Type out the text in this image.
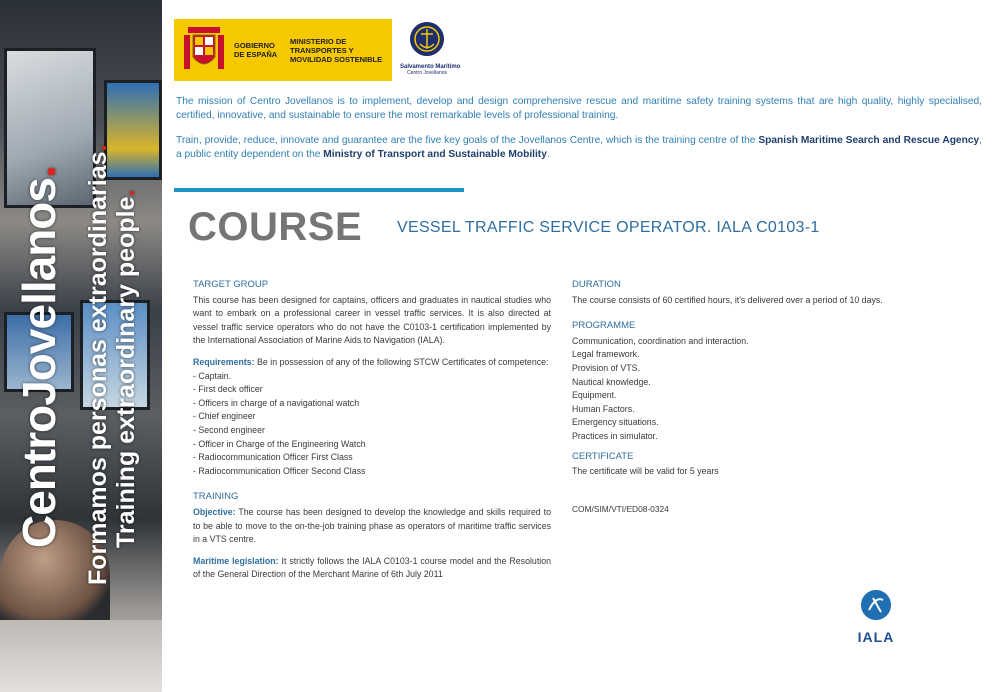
CentroJovellanos. Formamos personas extraordinarias.
Training extraordinary people.
GOBIERNO DE ESPAÑA
MINISTERIO DE TRANSPORTES Y MOVILIDAD SOSTENIBLE
Salvamento Marítimo
Centro Jovellanos

The mission of Centro Jovellanos is to implement, develop and design comprehensive rescue and maritime safety training systems that are high quality, highly specialised, certified, innovative, and sustainable to ensure the most remarkable levels of professional training.

Train, provide, reduce, innovate and guarantee are the five key goals of the Jovellanos Centre, which is the training centre of the Spanish Maritime Search and Rescue Agency, a public entity dependent on the Ministry of Transport and Sustainable Mobility.

COURSE VESSEL TRAFFIC SERVICE OPERATOR. IALA C0103-1
TARGET GROUP
This course has been designed for captains, officers and graduates in nautical studies who want to embark on a professional career in vessel traffic services. It is also directed at vessel traffic service operators who do not have the C0103-1 certification implemented by the International Association of Marine Aids to Navigation (IALA).
Requirements: Be in possession of any of the following STCW Certificates of competence:
- Captain.
- First deck officer
- Officers in charge of a navigational watch
- Chief engineer
- Second engineer
- Officer in Charge of the Engineering Watch
- Radiocommunication Officer First Class
- Radiocommunication Officer Second Class
TRAINING
Objective: The course has been designed to develop the knowledge and skills required to to be able to move to the on-the-job training phase as operators of maritime traffic services in a VTS centre.
Maritime legislation: It strictly follows the IALA C0103-1 course model and the Resolution of the General Direction of the Merchant Marine of 6th July 2011
DURATION
The course consists of 60 certified hours, it's delivered over a period of 10 days.
PROGRAMME
Communication, coordination and interaction.
Legal framework.
Provision of VTS.
Nautical knowledge.
Equipment.
Human Factors.
Emergency situations.
Practices in simulator.
CERTIFICATE
The certificate will be valid for 5 years
COM/SIM/VTI/ED08-0324
IALA
